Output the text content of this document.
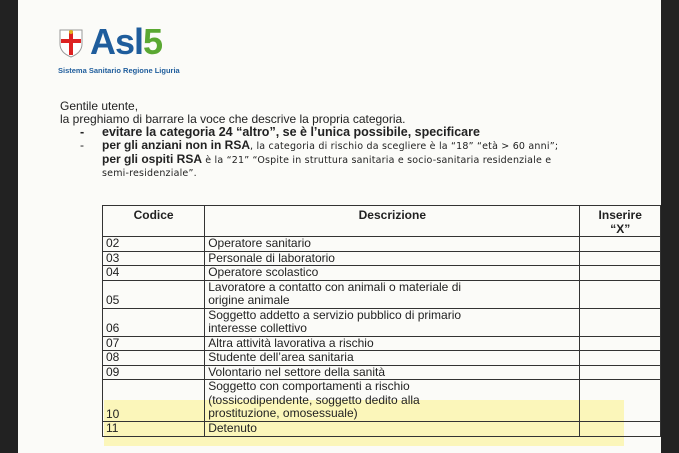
Asl5
Sistema Sanitario Regione Liguria

Gentile utente,

la preghiamo di barrare la voce che descrive la propria categoria.

- evitare la categoria 24 “altro”, se è l’unica possibile, specificare

- per gli anziani non in RSA, la categoria di rischio da scegliere è la “18” “età > 60 anni”;

per gli ospiti RSA è la “21” “Ospite in struttura sanitaria e socio-sanitaria residenziale e

semi-residenziale”.

Codice	Descrizione	Inserire
“X”
02	Operatore sanitario	
03	Personale di laboratorio	
04	Operatore scolastico	
05	Lavoratore a contatto con animali o materiale di
origine animale	
06	Soggetto addetto a servizio pubblico di primario
interesse collettivo	
07	Altra attività lavorativa a rischio	
08	Studente dell’area sanitaria	
09	Volontario nel settore della sanità	
10	Soggetto con comportamenti a rischio
(tossicodipendente, soggetto dedito alla
prostituzione, omosessuale)	
11	Detenuto	
